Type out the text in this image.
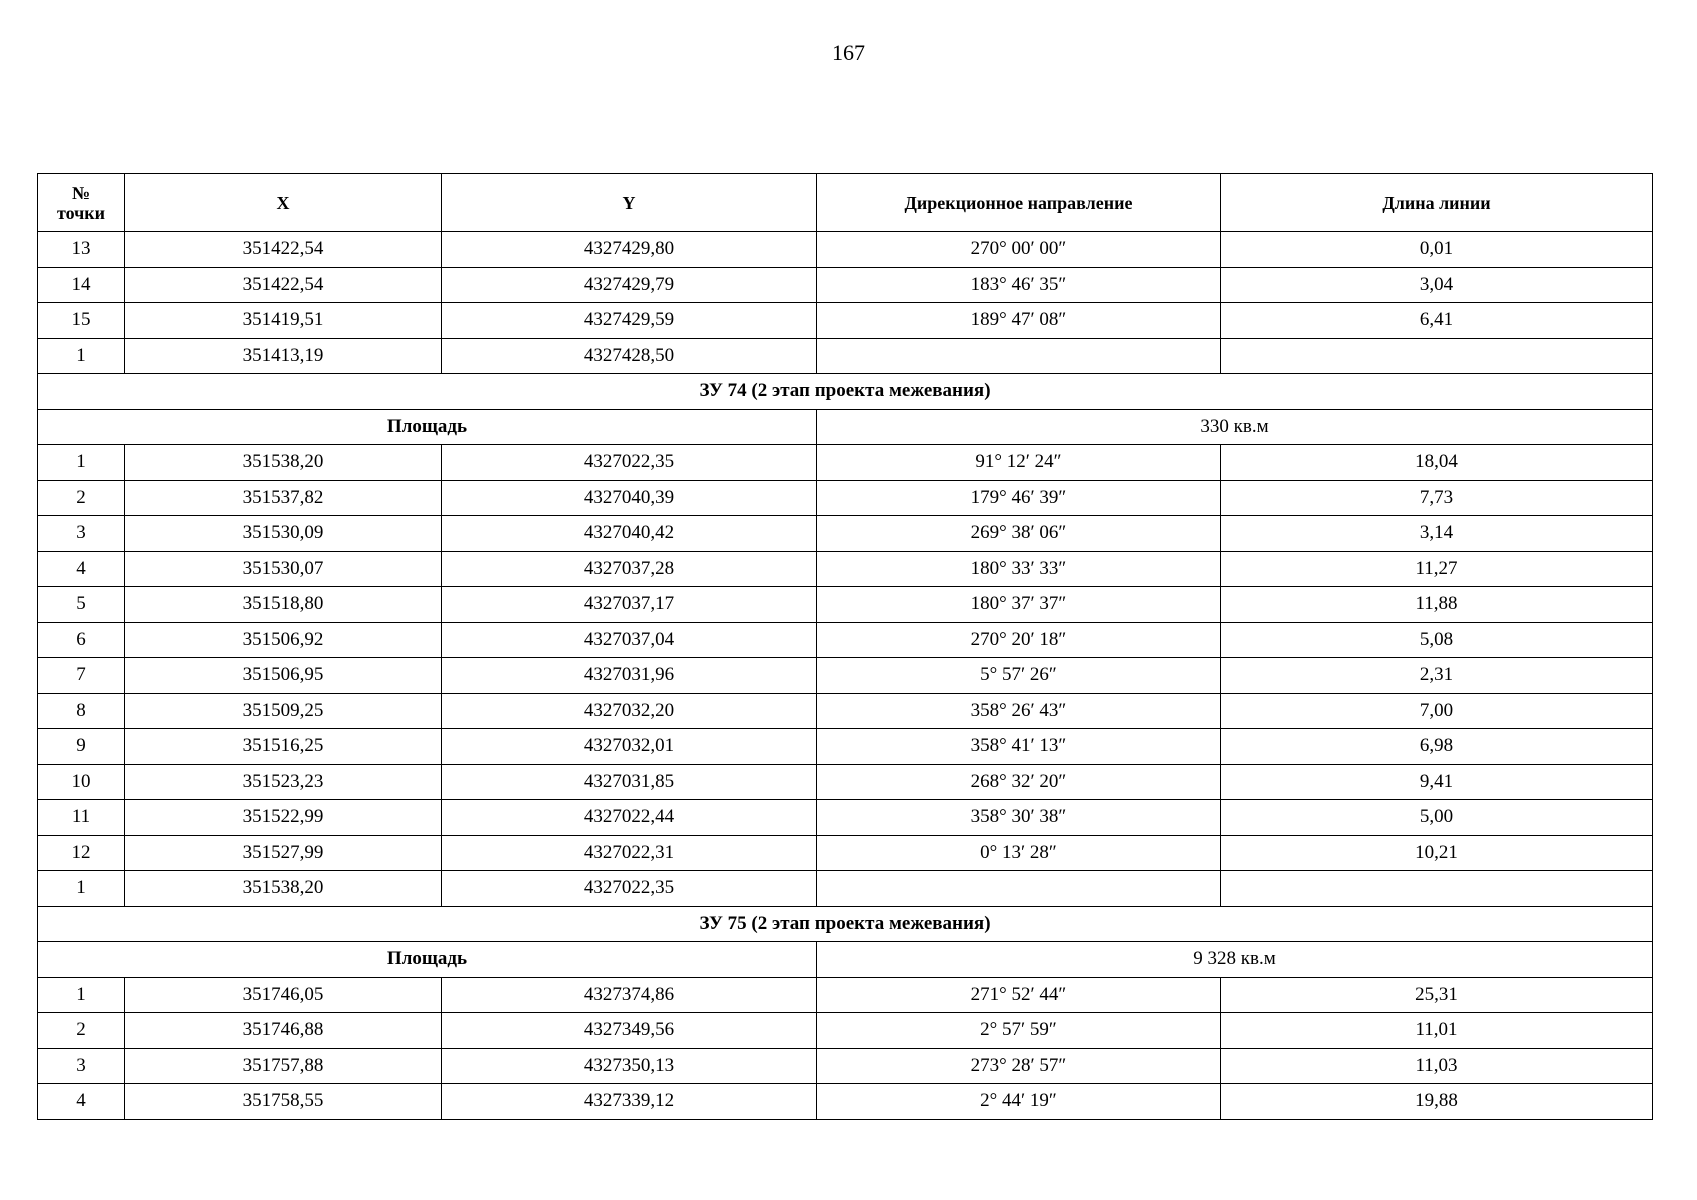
167
№
точки	X	Y	Дирекционное направление	Длина линии
13	351422,54	4327429,80	270° 00′ 00″	0,01
14	351422,54	4327429,79	183° 46′ 35″	3,04
15	351419,51	4327429,59	189° 47′ 08″	6,41
1	351413,19	4327428,50		
ЗУ 74 (2 этап проекта межевания)				
Площадь			330 кв.м	
1	351538,20	4327022,35	91° 12′ 24″	18,04
2	351537,82	4327040,39	179° 46′ 39″	7,73
3	351530,09	4327040,42	269° 38′ 06″	3,14
4	351530,07	4327037,28	180° 33′ 33″	11,27
5	351518,80	4327037,17	180° 37′ 37″	11,88
6	351506,92	4327037,04	270° 20′ 18″	5,08
7	351506,95	4327031,96	5° 57′ 26″	2,31
8	351509,25	4327032,20	358° 26′ 43″	7,00
9	351516,25	4327032,01	358° 41′ 13″	6,98
10	351523,23	4327031,85	268° 32′ 20″	9,41
11	351522,99	4327022,44	358° 30′ 38″	5,00
12	351527,99	4327022,31	0° 13′ 28″	10,21
1	351538,20	4327022,35		
ЗУ 75 (2 этап проекта межевания)				
Площадь			9 328 кв.м	
1	351746,05	4327374,86	271° 52′ 44″	25,31
2	351746,88	4327349,56	2° 57′ 59″	11,01
3	351757,88	4327350,13	273° 28′ 57″	11,03
4	351758,55	4327339,12	2° 44′ 19″	19,88
